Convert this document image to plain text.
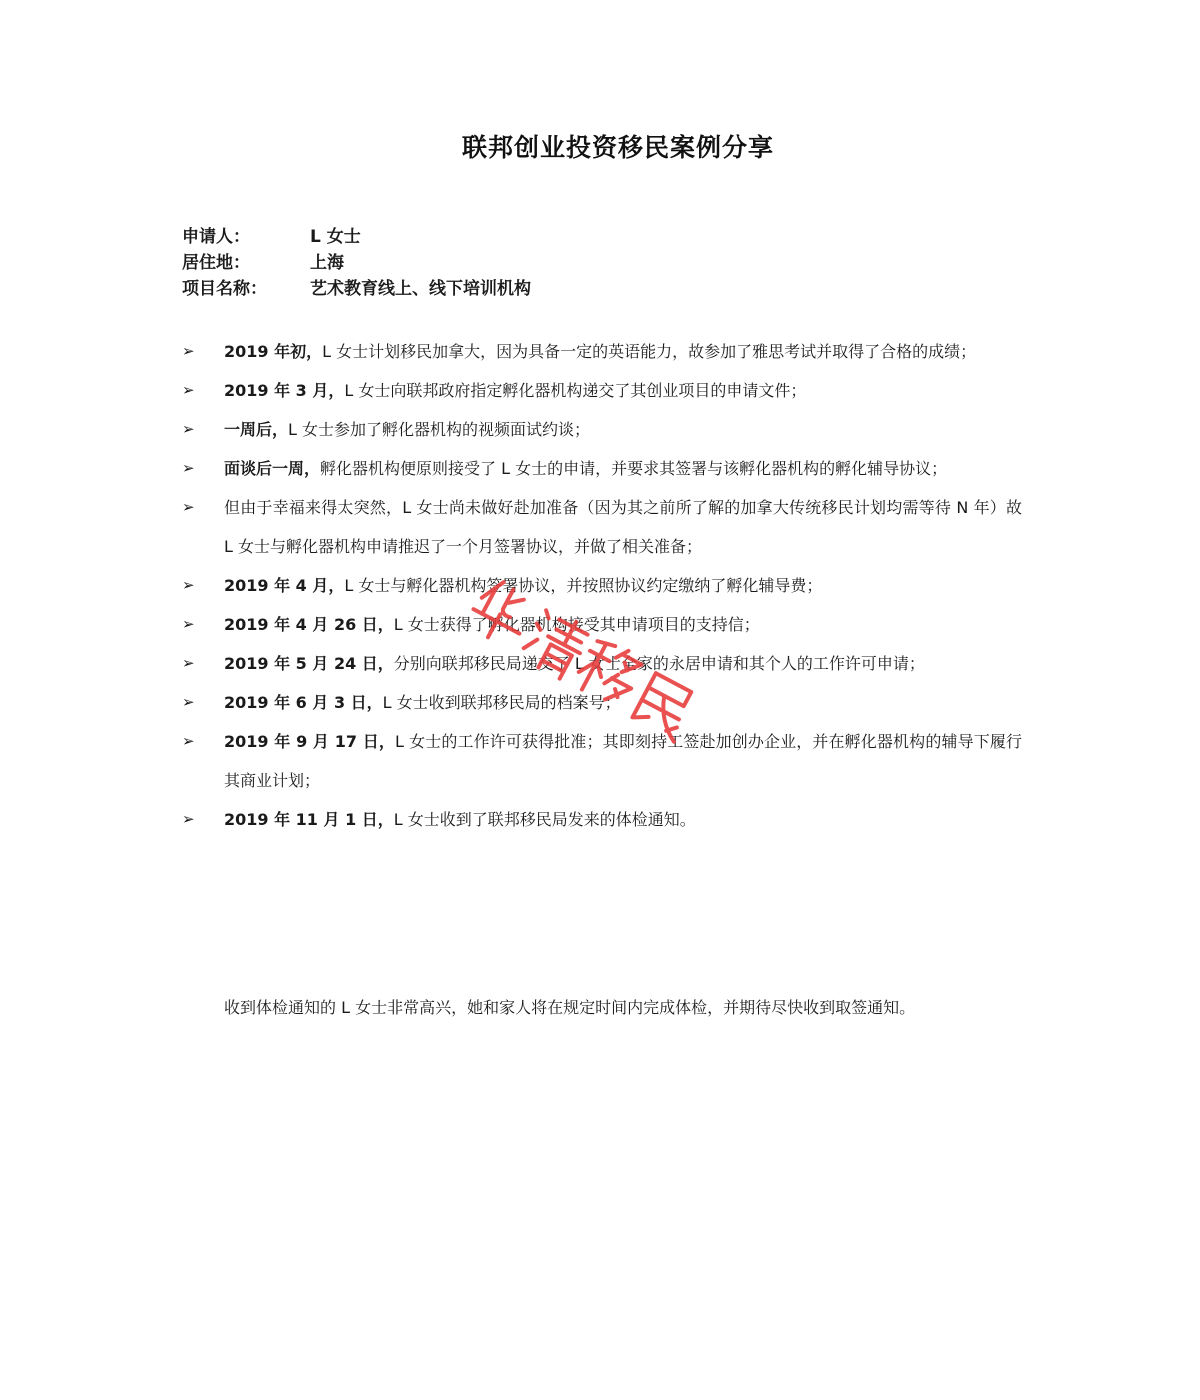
联邦创业投资移民案例分享
申请人：	L 女士
居住地：	上海
项目名称：	艺术教育线上、线下培训机构
➢	2019 年初，L 女士计划移民加拿大，因为具备一定的英语能力，故参加了雅思考试并取得了合格的成绩；
➢	2019 年 3 月，L 女士向联邦政府指定孵化器机构递交了其创业项目的申请文件；
➢	一周后，L 女士参加了孵化器机构的视频面试约谈；
➢	面谈后一周，孵化器机构便原则接受了 L 女士的申请，并要求其签署与该孵化器机构的孵化辅导协议；
➢	但由于幸福来得太突然，L 女士尚未做好赴加准备（因为其之前所了解的加拿大传统移民计划均需等待 N 年）故 L 女士与孵化器机构申请推迟了一个月签署协议，并做了相关准备；
➢	2019 年 4 月，L 女士与孵化器机构签署协议，并按照协议约定缴纳了孵化辅导费；
➢	2019 年 4 月 26 日，L 女士获得了孵化器机构接受其申请项目的支持信；
➢	2019 年 5 月 24 日，分别向联邦移民局递交了 L 女士全家的永居申请和其个人的工作许可申请；
➢	2019 年 6 月 3 日，L 女士收到联邦移民局的档案号；
➢	2019 年 9 月 17 日，L 女士的工作许可获得批准；其即刻持工签赴加创办企业，并在孵化器机构的辅导下履行其商业计划；
➢	2019 年 11 月 1 日，L 女士收到了联邦移民局发来的体检通知。
收到体检通知的 L 女士非常高兴，她和家人将在规定时间内完成体检，并期待尽快收到取签通知。
